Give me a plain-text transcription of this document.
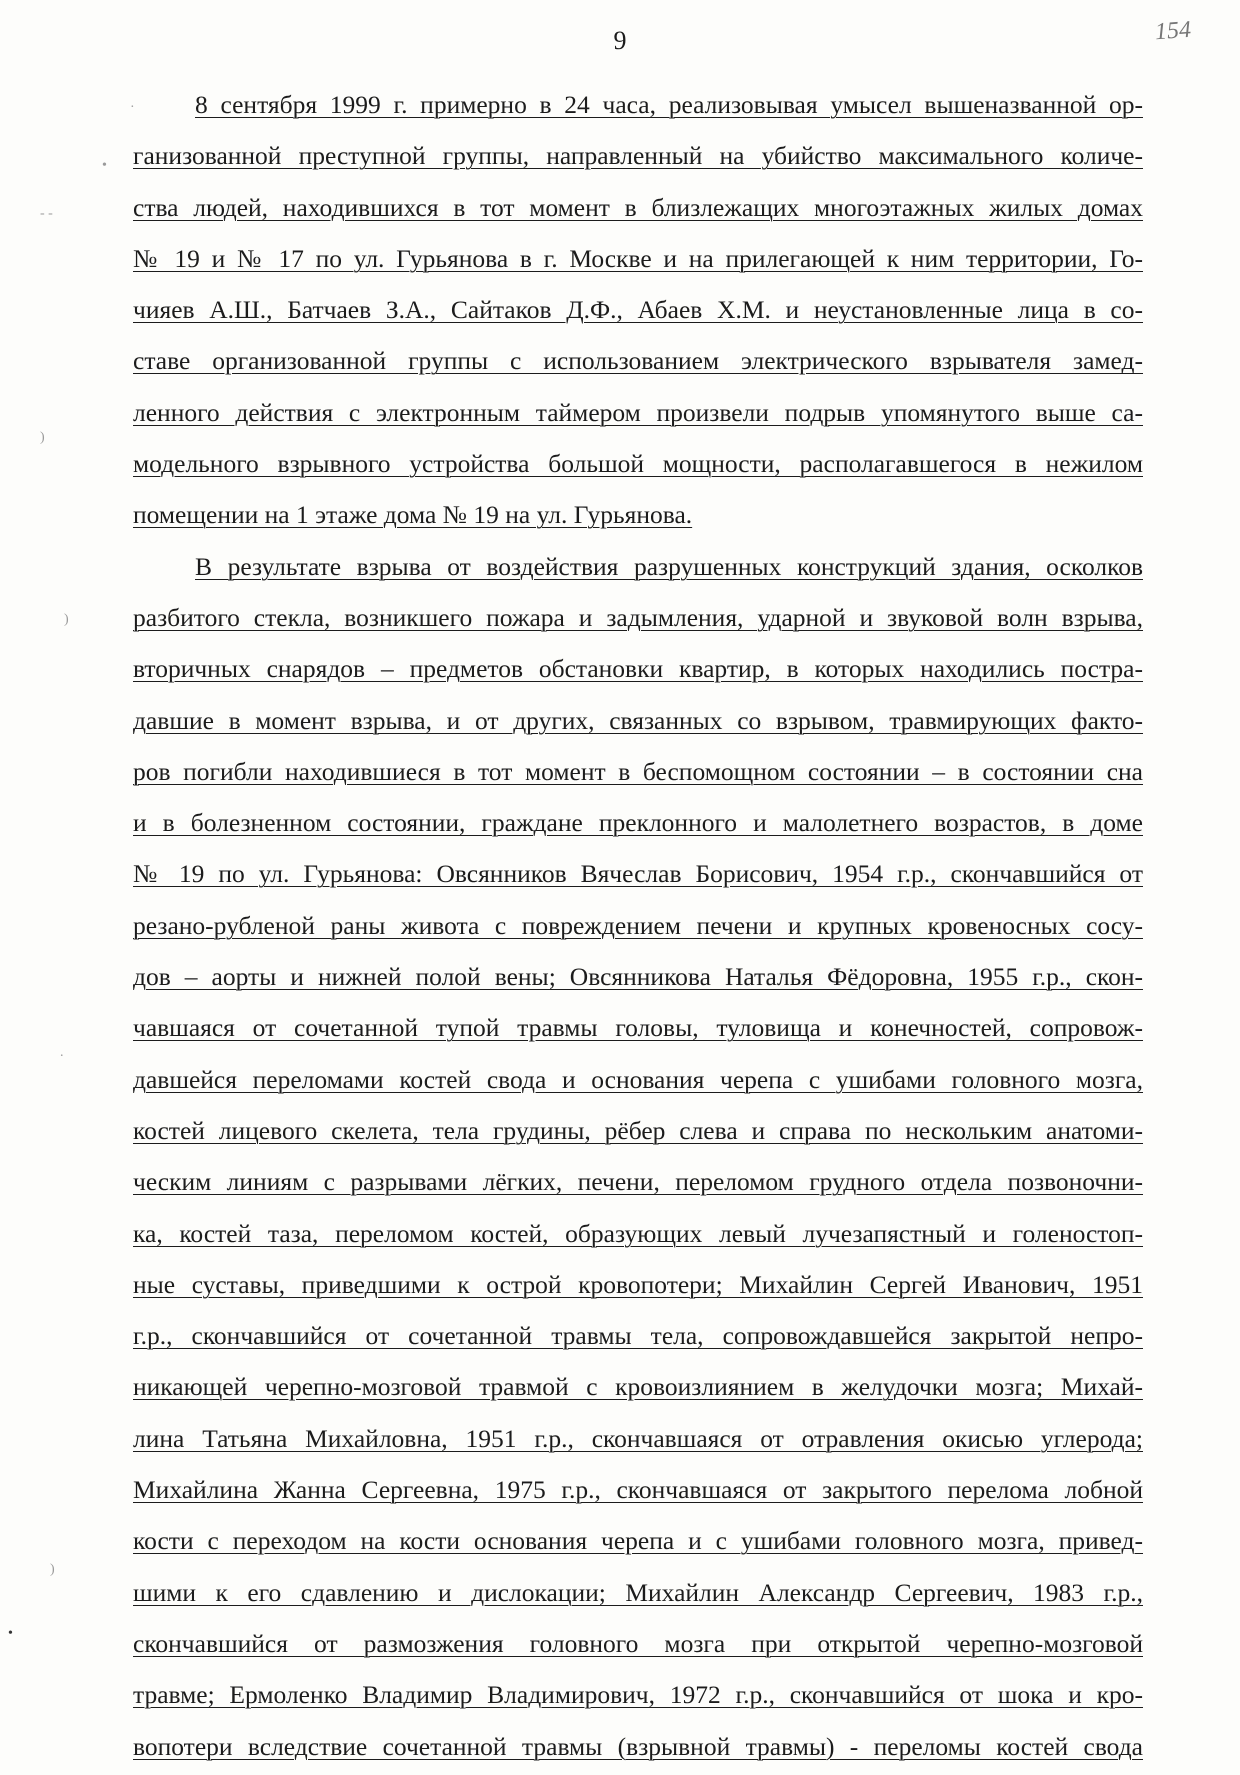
9	154
·
•
- -
)
)
.
)
•
8 сентября 1999 г. примерно в 24 часа, реализовывая умысел вышеназванной ор-
ганизованной преступной группы, направленный на убийство максимального количе-
ства людей, находившихся в тот момент в близлежащих многоэтажных жилых домах
№ 19 и № 17 по ул. Гурьянова в г. Москве и на прилегающей к ним территории, Го-
чияев А.Ш., Батчаев З.А., Сайтаков Д.Ф., Абаев Х.М. и неустановленные лица в со-
ставе организованной группы с использованием электрического взрывателя замед-
ленного действия с электронным таймером произвели подрыв упомянутого выше са-
модельного взрывного устройства большой мощности, располагавшегося в нежилом
помещении на 1 этаже дома № 19 на ул. Гурьянова.
В результате взрыва от воздействия разрушенных конструкций здания, осколков
разбитого стекла, возникшего пожара и задымления, ударной и звуковой волн взрыва,
вторичных снарядов – предметов обстановки квартир, в которых находились постра-
давшие в момент взрыва, и от других, связанных со взрывом, травмирующих факто-
ров погибли находившиеся в тот момент в беспомощном состоянии – в состоянии сна
и в болезненном состоянии, граждане преклонного и малолетнего возрастов, в доме
№ 19 по ул. Гурьянова: Овсянников Вячеслав Борисович, 1954 г.р., скончавшийся от
резано-рубленой раны живота с повреждением печени и крупных кровеносных сосу-
дов – аорты и нижней полой вены; Овсянникова Наталья Фёдоровна, 1955 г.р., скон-
чавшаяся от сочетанной тупой травмы головы, туловища и конечностей, сопровож-
давшейся переломами костей свода и основания черепа с ушибами головного мозга,
костей лицевого скелета, тела грудины, рёбер слева и справа по нескольким анатоми-
ческим линиям с разрывами лёгких, печени, переломом грудного отдела позвоночни-
ка, костей таза, переломом костей, образующих левый лучезапястный и голеностоп-
ные суставы, приведшими к острой кровопотери; Михайлин Сергей Иванович, 1951
г.р., скончавшийся от сочетанной травмы тела, сопровождавшейся закрытой непро-
никающей черепно-мозговой травмой с кровоизлиянием в желудочки мозга; Михай-
лина Татьяна Михайловна, 1951 г.р., скончавшаяся от отравления окисью углерода;
Михайлина Жанна Сергеевна, 1975 г.р., скончавшаяся от закрытого перелома лобной
кости с переходом на кости основания черепа и с ушибами головного мозга, привед-
шими к его сдавлению и дислокации; Михайлин Александр Сергеевич, 1983 г.р.,
скончавшийся от размозжения головного мозга при открытой черепно-мозговой
травме; Ермоленко Владимир Владимирович, 1972 г.р., скончавшийся от шока и кро-
вопотери вследствие сочетанной травмы (взрывной травмы) - переломы костей свода
